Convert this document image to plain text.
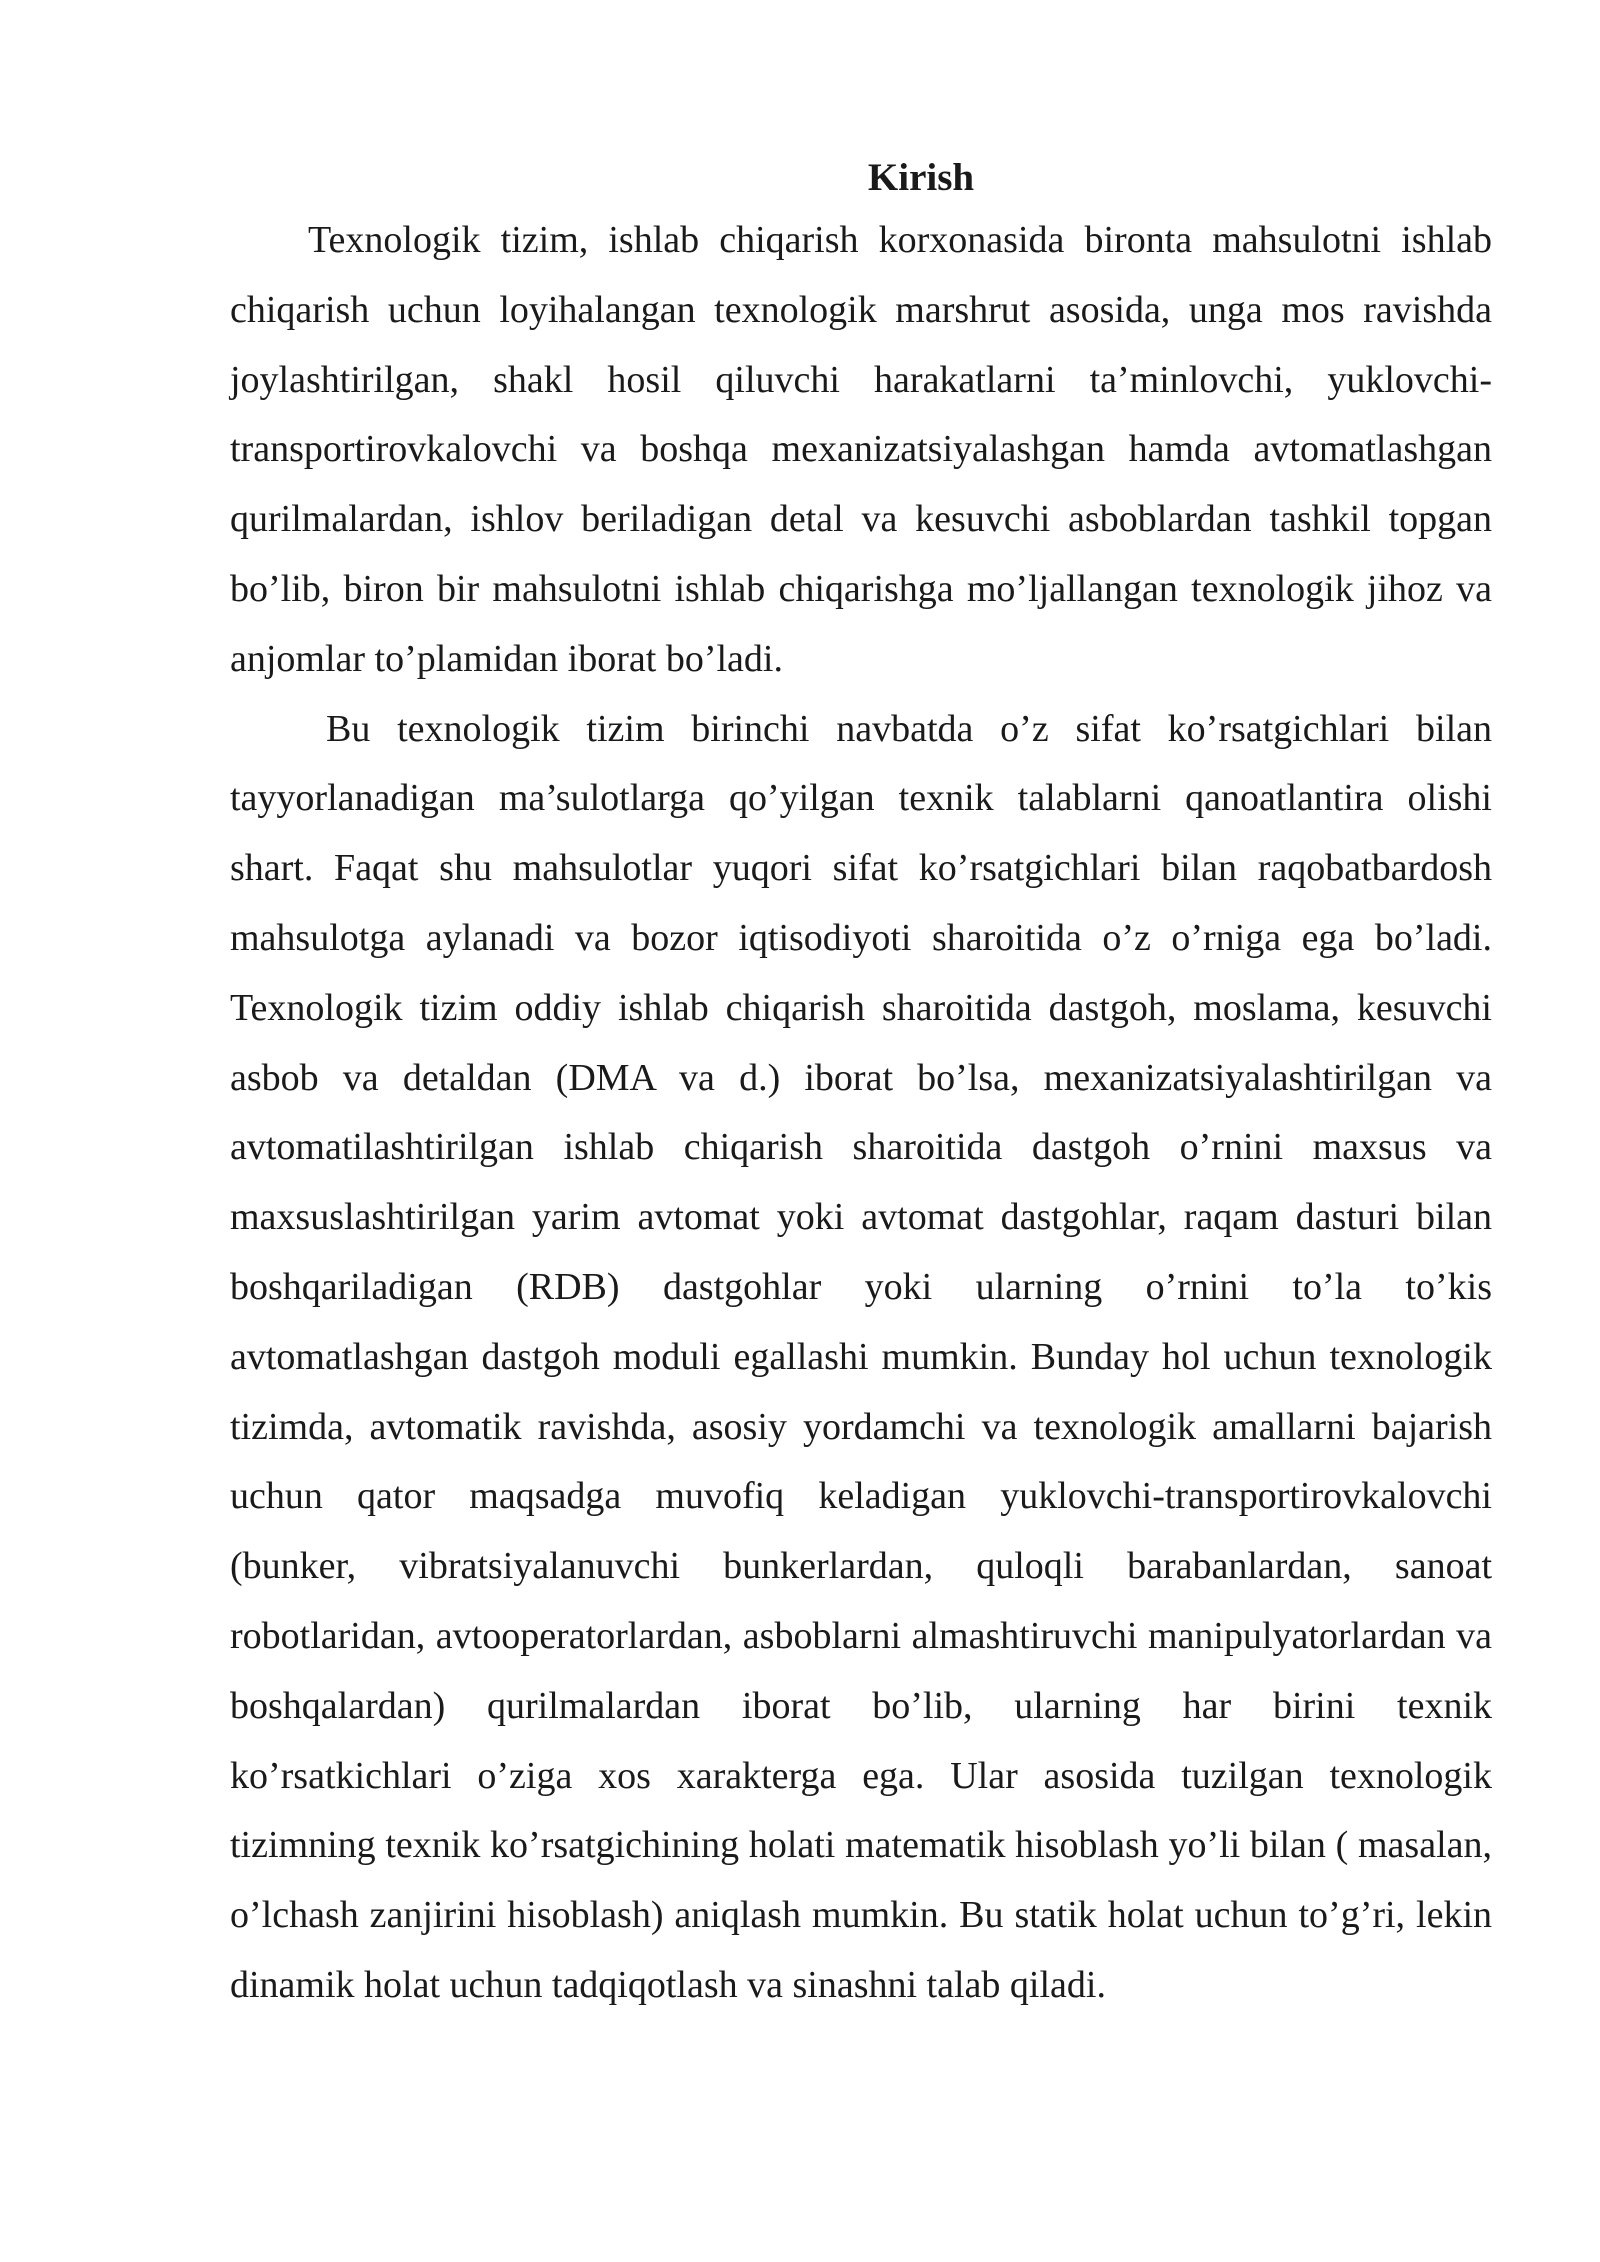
Kirish

Texnologik tizim, ishlab chiqarish korxonasida bironta mahsulotni ishlab chiqarish uchun loyihalangan texnologik marshrut asosida, unga mos ravishda joylashtirilgan, shakl hosil qiluvchi harakatlarni ta’minlovchi, yuklovchi-transportirovkalovchi va boshqa mexanizatsiyalashgan hamda avtomatlashgan qurilmalardan, ishlov beriladigan detal va kesuvchi asboblardan tashkil topgan bo’lib, biron bir mahsulotni ishlab chiqarishga mo’ljallangan texnologik jihoz va anjomlar to’plamidan iborat bo’ladi.

Bu texnologik tizim birinchi navbatda o’z sifat ko’rsatgichlari bilan tayyorlanadigan ma’sulotlarga qo’yilgan texnik talablarni qanoatlantira olishi shart. Faqat shu mahsulotlar yuqori sifat ko’rsatgichlari bilan raqobatbardosh mahsulotga aylanadi va bozor iqtisodiyoti sharoitida o’z o’rniga ega bo’ladi. Texnologik tizim oddiy ishlab chiqarish sharoitida dastgoh, moslama, kesuvchi asbob va detaldan (DMA va d.) iborat bo’lsa, mexanizatsiyalashtirilgan va avtomatilashtirilgan ishlab chiqarish sharoitida dastgoh o’rnini maxsus va maxsuslashtirilgan yarim avtomat yoki avtomat dastgohlar, raqam dasturi bilan boshqariladigan (RDB) dastgohlar yoki ularning o’rnini to’la to’kis avtomatlashgan dastgoh moduli egallashi mumkin. Bunday hol uchun texnologik tizimda, avtomatik ravishda, asosiy yordamchi va texnologik amallarni bajarish uchun qator maqsadga muvofiq keladigan yuklovchi-transportirovkalovchi (bunker, vibratsiyalanuvchi bunkerlardan, quloqli barabanlardan, sanoat robotlaridan, avtooperatorlardan, asboblarni almashtiruvchi manipulyatorlardan va boshqalardan) qurilmalardan iborat bo’lib, ularning har birini texnik ko’rsatkichlari o’ziga xos xarakterga ega. Ular asosida tuzilgan texnologik tizimning texnik ko’rsatgichining holati matematik hisoblash yo’li bilan ( masalan, o’lchash zanjirini hisoblash) aniqlash mumkin. Bu statik holat uchun to’g’ri, lekin dinamik holat uchun tadqiqotlash va sinashni talab qiladi.
